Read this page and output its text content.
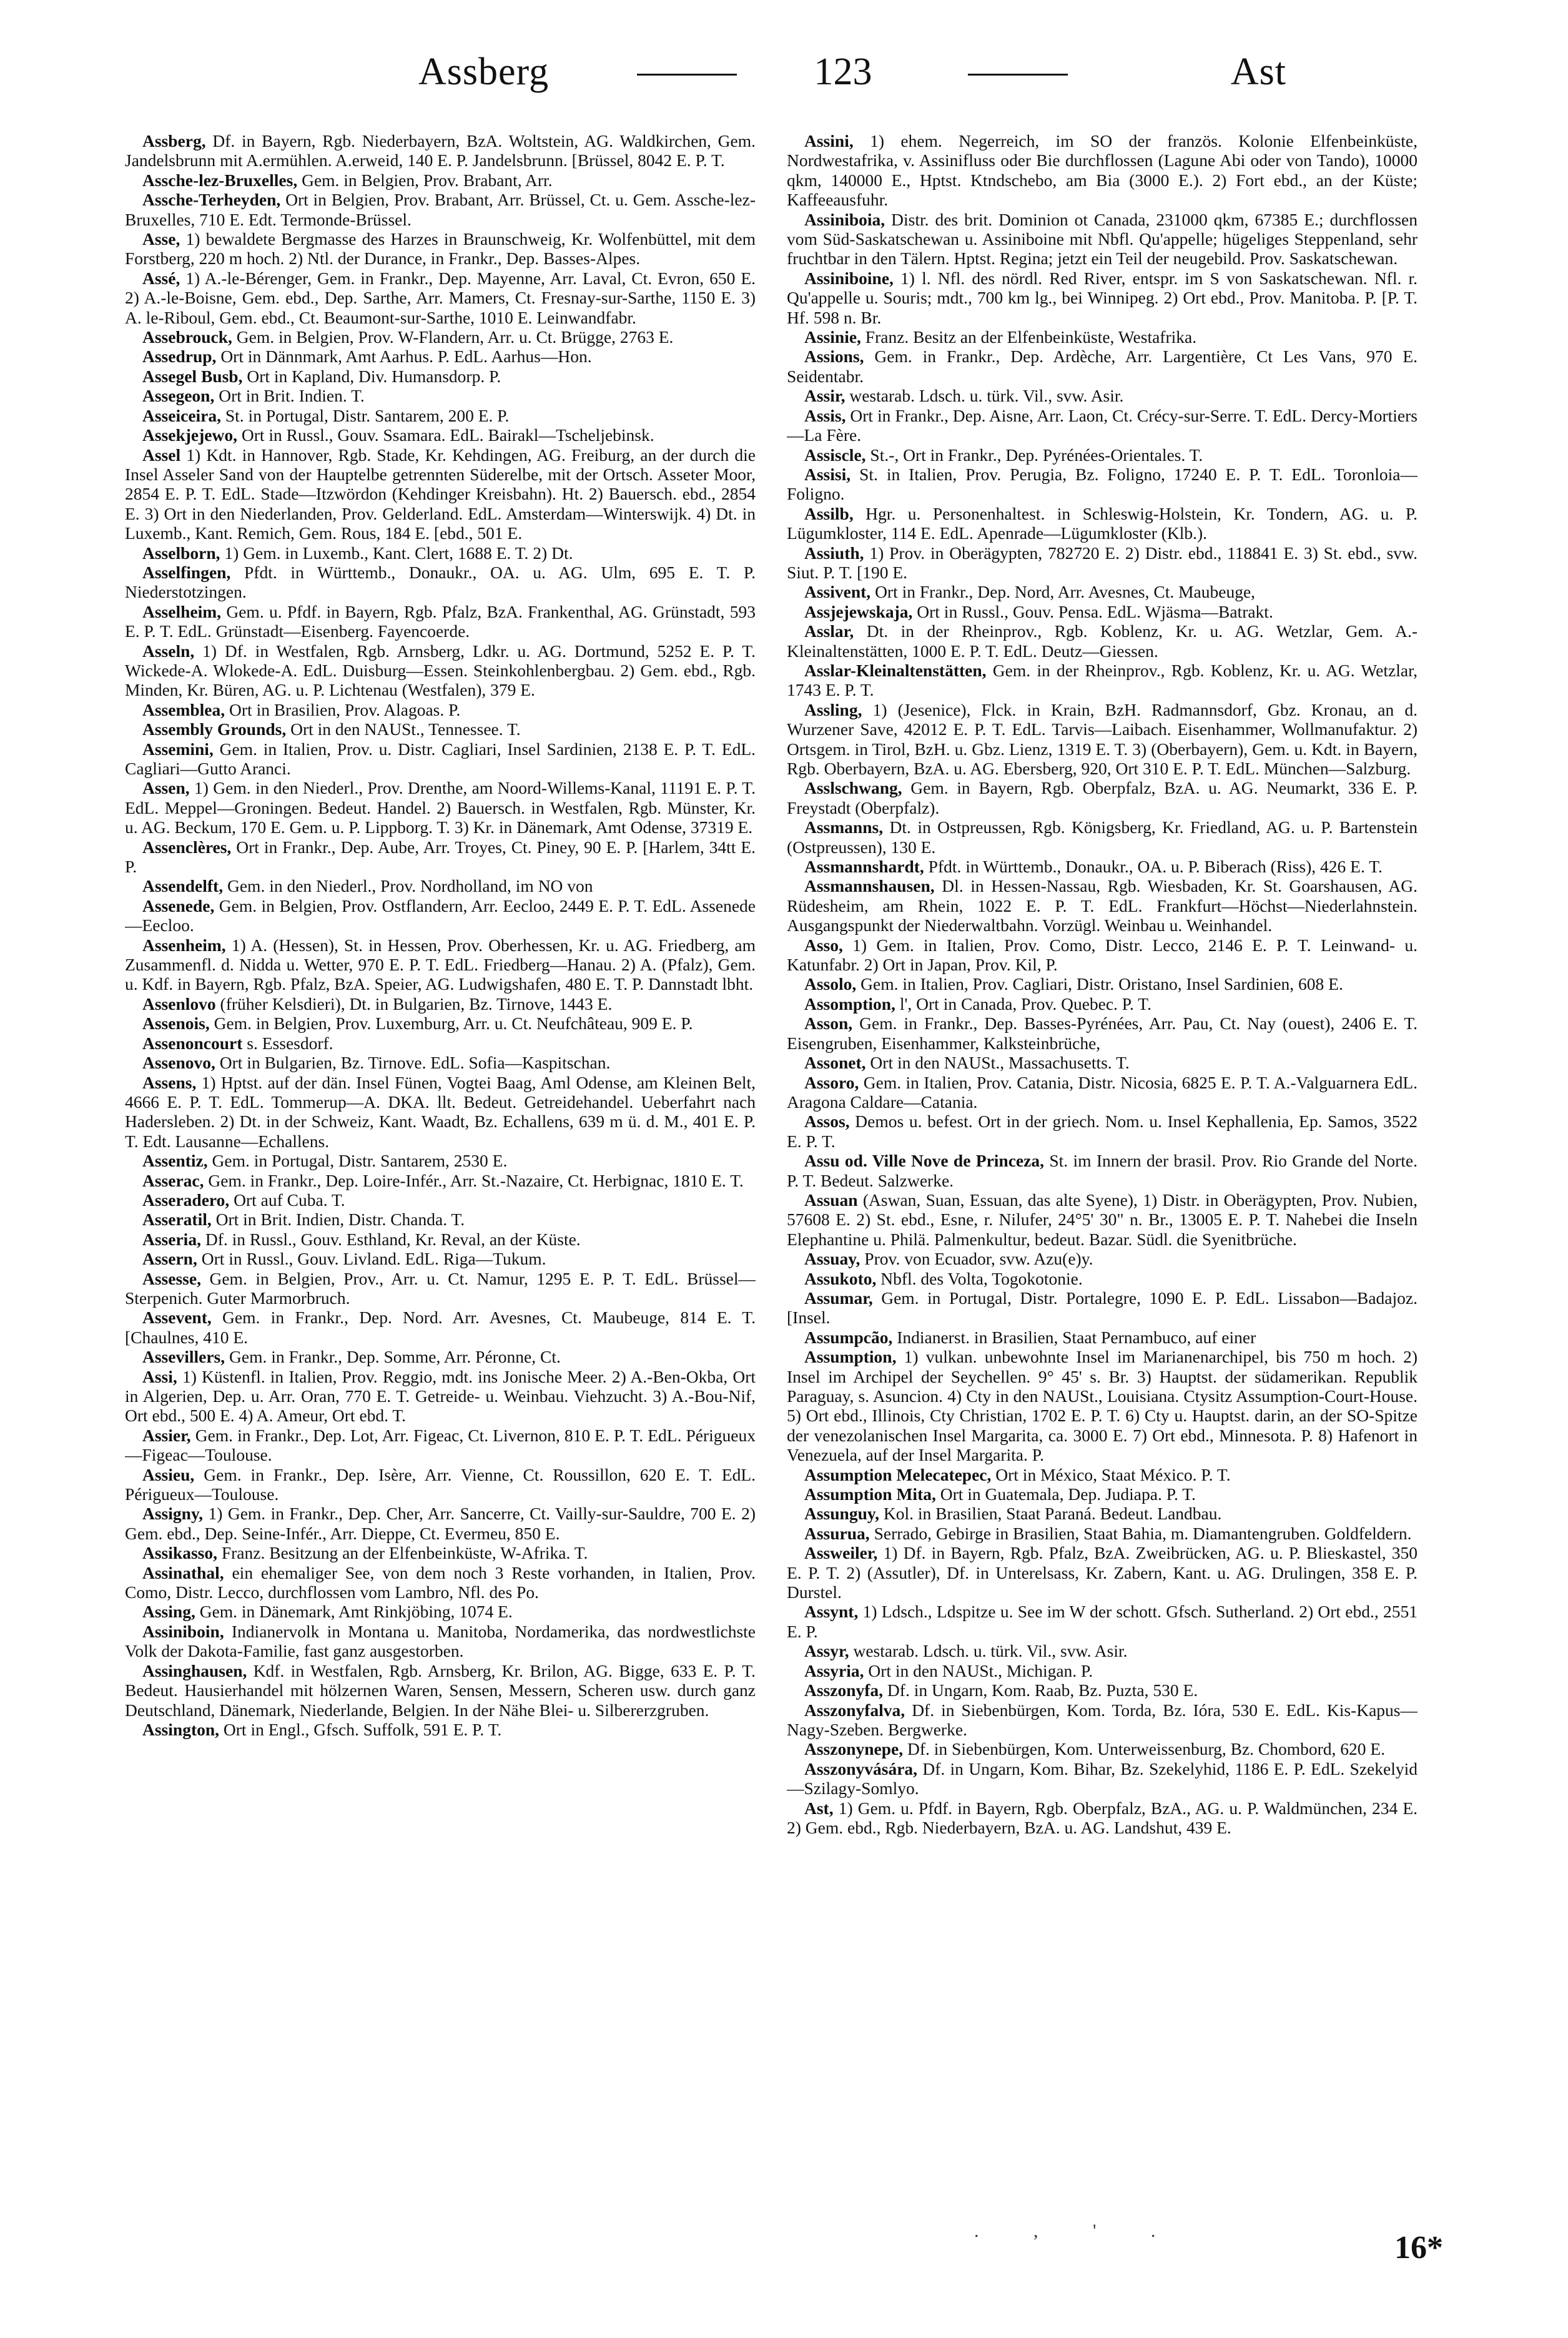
Assberg	123	Ast

Assberg, Df. in Bayern, Rgb. Niederbayern, BzA. Woltstein, AG. Waldkirchen, Gem. Jandelsbrunn mit A.ermühlen. A.erweid, 140 E. P. Jandelsbrunn. [Brüssel, 8042 E. P. T.

Assche-lez-Bruxelles, Gem. in Belgien, Prov. Brabant, Arr.

Assche-Terheyden, Ort in Belgien, Prov. Brabant, Arr. Brüssel, Ct. u. Gem. Assche-lez-Bruxelles, 710 E. Edt. Termonde-Brüssel.

Asse, 1) bewaldete Bergmasse des Harzes in Braunschweig, Kr. Wolfenbüttel, mit dem Forstberg, 220 m hoch. 2) Ntl. der Durance, in Frankr., Dep. Basses-Alpes.

Assé, 1) A.-le-Bérenger, Gem. in Frankr., Dep. Mayenne, Arr. Laval, Ct. Evron, 650 E. 2) A.-le-Boisne, Gem. ebd., Dep. Sarthe, Arr. Mamers, Ct. Fresnay-sur-Sarthe, 1150 E. 3) A. le-Riboul, Gem. ebd., Ct. Beaumont-sur-Sarthe, 1010 E. Leinwandfabr.

Assebrouck, Gem. in Belgien, Prov. W-Flandern, Arr. u. Ct. Brügge, 2763 E.

Assedrup, Ort in Dännmark, Amt Aarhus. P. EdL. Aarhus—Hon.

Assegel Busb, Ort in Kapland, Div. Humansdorp. P.

Assegeon, Ort in Brit. Indien. T.

Asseiceira, St. in Portugal, Distr. Santarem, 200 E. P.

Assekjejewo, Ort in Russl., Gouv. Ssamara. EdL. Bairakl—Tscheljebinsk.

Assel 1) Kdt. in Hannover, Rgb. Stade, Kr. Kehdingen, AG. Freiburg, an der durch die Insel Asseler Sand von der Hauptelbe getrennten Süderelbe, mit der Ortsch. Asseter Moor, 2854 E. P. T. EdL. Stade—Itzwördon (Kehdinger Kreisbahn). Ht. 2) Bauersch. ebd., 2854 E. 3) Ort in den Niederlanden, Prov. Gelderland. EdL. Amsterdam—Winterswijk. 4) Dt. in Luxemb., Kant. Remich, Gem. Rous, 184 E. [ebd., 501 E.

Asselborn, 1) Gem. in Luxemb., Kant. Clert, 1688 E. T. 2) Dt.

Asselfingen, Pfdt. in Württemb., Donaukr., OA. u. AG. Ulm, 695 E. T. P. Niederstotzingen.

Asselheim, Gem. u. Pfdf. in Bayern, Rgb. Pfalz, BzA. Frankenthal, AG. Grünstadt, 593 E. P. T. EdL. Grünstadt—Eisenberg. Fayencoerde.

Asseln, 1) Df. in Westfalen, Rgb. Arnsberg, Ldkr. u. AG. Dortmund, 5252 E. P. T. Wickede-A. Wlokede-A. EdL. Duisburg—Essen. Steinkohlenbergbau. 2) Gem. ebd., Rgb. Minden, Kr. Büren, AG. u. P. Lichtenau (Westfalen), 379 E.

Assembleа, Ort in Brasilien, Prov. Alagoas. P.

Assembly Grounds, Ort in den NAUSt., Tennessee. T.

Assemini, Gem. in Italien, Prov. u. Distr. Cagliari, Insel Sardinien, 2138 E. P. T. EdL. Cagliari—Gutto Aranci.

Assen, 1) Gem. in den Niederl., Prov. Drenthe, am Noord-Willems-Kanal, 11191 E. P. T. EdL. Meppel—Groningen. Bedeut. Handel. 2) Bauersch. in Westfalen, Rgb. Münster, Kr. u. AG. Beckum, 170 E. Gem. u. P. Lippborg. T. 3) Kr. in Dänemark, Amt Odense, 37319 E.

Assenclères, Ort in Frankr., Dep. Aube, Arr. Troyes, Ct. Piney, 90 E. P. [Harlem, 34tt E. P.

Assendelft, Gem. in den Niederl., Prov. Nordholland, im NO von

Assenede, Gem. in Belgien, Prov. Ostflandern, Arr. Eecloo, 2449 E. P. T. EdL. Assenede—Eecloo.

Assenheim, 1) A. (Hessen), St. in Hessen, Prov. Oberhessen, Kr. u. AG. Friedberg, am Zusammenfl. d. Nidda u. Wetter, 970 E. P. T. EdL. Friedberg—Hanau. 2) A. (Pfalz), Gem. u. Kdf. in Bayern, Rgb. Pfalz, BzA. Speier, AG. Ludwigshafen, 480 E. T. P. Dannstadt lbht.

Assenlovo (früher Kelsdieri), Dt. in Bulgarien, Bz. Tirnove, 1443 E.

Assenois, Gem. in Belgien, Prov. Luxemburg, Arr. u. Ct. Neufchâteau, 909 E. P.

Assenoncourt s. Essesdorf.

Assenovo, Ort in Bulgarien, Bz. Tirnove. EdL. Sofia—Kaspitschan.

Assens, 1) Hptst. auf der dän. Insel Fünen, Vogtei Baag, Aml Odense, am Kleinen Belt, 4666 E. P. T. EdL. Tommerup—A. DKA. llt. Bedeut. Getreidehandel. Ueberfahrt nach Hadersleben. 2) Dt. in der Schweiz, Kant. Waadt, Bz. Echallens, 639 m ü. d. M., 401 E. P. T. Edt. Lausanne—Echallens.

Assentiz, Gem. in Portugal, Distr. Santarem, 2530 E.

Asserac, Gem. in Frankr., Dep. Loire-Infér., Arr. St.-Nazaire, Ct. Herbignac, 1810 E. T.

Asseradero, Ort auf Cuba. T.

Asseratil, Ort in Brit. Indien, Distr. Chanda. T.

Asseria, Df. in Russl., Gouv. Esthland, Kr. Reval, an der Küste.

Assern, Ort in Russl., Gouv. Livland. EdL. Riga—Tukum.

Assesse, Gem. in Belgien, Prov., Arr. u. Ct. Namur, 1295 E. P. T. EdL. Brüssel—Sterpenich. Guter Marmorbruch.

Assevent, Gem. in Frankr., Dep. Nord. Arr. Avesnes, Ct. Maubeuge, 814 E. T. [Chaulnes, 410 E.

Assevillers, Gem. in Frankr., Dep. Somme, Arr. Péronne, Ct.

Assi, 1) Küstenfl. in Italien, Prov. Reggio, mdt. ins Jonische Meer. 2) A.-Ben-Okba, Ort in Algerien, Dep. u. Arr. Oran, 770 E. T. Getreide- u. Weinbau. Viehzucht. 3) A.-Bou-Nif, Ort ebd., 500 E. 4) A. Ameur, Ort ebd. T.

Assier, Gem. in Frankr., Dep. Lot, Arr. Figeac, Ct. Livernon, 810 E. P. T. EdL. Périgueux—Figeac—Toulouse.

Assieu, Gem. in Frankr., Dep. Isère, Arr. Vienne, Ct. Roussillon, 620 E. T. EdL. Périgueux—Toulouse.

Assigny, 1) Gem. in Frankr., Dep. Cher, Arr. Sancerre, Ct. Vailly-sur-Sauldre, 700 E. 2) Gem. ebd., Dep. Seine-Infér., Arr. Dieppe, Ct. Evermeu, 850 E.

Assikasso, Franz. Besitzung an der Elfenbeinküste, W-Afrika. T.

Assinathal, ein ehemaliger See, von dem noch 3 Reste vorhanden, in Italien, Prov. Como, Distr. Lecco, durchflossen vom Lambro, Nfl. des Po.

Assing, Gem. in Dänemark, Amt Rinkjöbing, 1074 E.

Assiniboin, Indianervolk in Montana u. Manitoba, Nordamerika, das nordwestlichste Volk der Dakota-Familie, fast ganz ausgestorben.

Assinghausen, Kdf. in Westfalen, Rgb. Arnsberg, Kr. Brilon, AG. Bigge, 633 E. P. T. Bedeut. Hausierhandel mit hölzernen Waren, Sensen, Messern, Scheren usw. durch ganz Deutschland, Dänemark, Niederlande, Belgien. In der Nähe Blei- u. Silbererzgruben.

Assington, Ort in Engl., Gfsch. Suffolk, 591 E. P. T.

Assini, 1) ehem. Negerreich, im SO der französ. Kolonie Elfenbeinküste, Nordwestafrika, v. Assinifluss oder Bie durchflossen (Lagune Abi oder von Tando), 10000 qkm, 140000 E., Hptst. Ktndschebo, am Bia (3000 E.). 2) Fort ebd., an der Küste; Kaffeeausfuhr.

Assiniboia, Distr. des brit. Dominion ot Canada, 231000 qkm, 67385 E.; durchflossen vom Süd-Saskatschewan u. Assiniboine mit Nbfl. Qu'appelle; hügeliges Steppenland, sehr fruchtbar in den Tälern. Hptst. Regina; jetzt ein Teil der neugebild. Prov. Saskatschewan.

Assiniboine, 1) l. Nfl. des nördl. Red River, entspr. im S von Saskatschewan. Nfl. r. Qu'appelle u. Souris; mdt., 700 km lg., bei Winnipeg. 2) Ort ebd., Prov. Manitoba. P. [P. T. Hf. 598 n. Br.

Assinie, Franz. Besitz an der Elfenbeinküste, Westafrika.

Assions, Gem. in Frankr., Dep. Ardèche, Arr. Largentière, Ct Les Vans, 970 E. Seidentabr.

Assir, westarab. Ldsch. u. türk. Vil., svw. Asir.

Assis, Ort in Frankr., Dep. Aisne, Arr. Laon, Ct. Crécy-sur-Serre. T. EdL. Dercy-Mortiers—La Fère.

Assiscle, St.-, Ort in Frankr., Dep. Pyrénées-Orientales. T.

Assisi, St. in Italien, Prov. Perugia, Bz. Foligno, 17240 E. P. T. EdL. Toronloia—Foligno.

Assilb, Hgr. u. Personenhaltest. in Schleswig-Holstein, Kr. Tondern, AG. u. P. Lügumkloster, 114 E. EdL. Apenrade—Lügumkloster (Klb.).

Assiuth, 1) Prov. in Oberägypten, 782720 E. 2) Distr. ebd., 118841 E. 3) St. ebd., svw. Siut. P. T. [190 E.

Assivent, Ort in Frankr., Dep. Nord, Arr. Avesnes, Ct. Maubeuge,

Assjejewskaja, Ort in Russl., Gouv. Pensa. EdL. Wjäsma—Batrakt.

Asslar, Dt. in der Rheinprov., Rgb. Koblenz, Kr. u. AG. Wetzlar, Gem. A.-Kleinaltenstätten, 1000 E. P. T. EdL. Deutz—Giessen.

Asslar-Kleinaltenstätten, Gem. in der Rheinprov., Rgb. Koblenz, Kr. u. AG. Wetzlar, 1743 E. P. T.

Assling, 1) (Jesenice), Flck. in Krain, BzH. Radmannsdorf, Gbz. Kronau, an d. Wurzener Save, 42012 E. P. T. EdL. Tarvis—Laibach. Eisenhammer, Wollmanufaktur. 2) Ortsgem. in Tirol, BzH. u. Gbz. Lienz, 1319 E. T. 3) (Oberbayern), Gem. u. Kdt. in Bayern, Rgb. Oberbayern, BzA. u. AG. Ebersberg, 920, Ort 310 E. P. T. EdL. München—Salzburg.

Asslschwang, Gem. in Bayern, Rgb. Oberpfalz, BzA. u. AG. Neumarkt, 336 E. P. Freystadt (Oberpfalz).

Assmanns, Dt. in Ostpreussen, Rgb. Königsberg, Kr. Friedland, AG. u. P. Bartenstein (Ostpreussen), 130 E.

Assmannshardt, Pfdt. in Württemb., Donaukr., OA. u. P. Biberach (Riss), 426 E. T.

Assmannshausen, Dl. in Hessen-Nassau, Rgb. Wiesbaden, Kr. St. Goarshausen, AG. Rüdesheim, am Rhein, 1022 E. P. T. EdL. Frankfurt—Höchst—Niederlahnstein. Ausgangspunkt der Niederwaltbahn. Vorzügl. Weinbau u. Weinhandel.

Asso, 1) Gem. in Italien, Prov. Como, Distr. Lecco, 2146 E. P. T. Leinwand- u. Katunfabr. 2) Ort in Japan, Prov. Kil, P.

Assolo, Gem. in Italien, Prov. Cagliari, Distr. Oristano, Insel Sardinien, 608 E.

Assomption, l', Ort in Canada, Prov. Quebec. P. T.

Asson, Gem. in Frankr., Dep. Basses-Pyrénées, Arr. Pau, Ct. Nay (ouest), 2406 E. T. Eisengruben, Eisenhammer, Kalksteinbrüche,

Assonet, Ort in den NAUSt., Massachusetts. T.

Assoro, Gem. in Italien, Prov. Catania, Distr. Nicosia, 6825 E. P. T. A.-Valguarnera EdL. Aragona Caldare—Catania.

Assos, Demos u. befest. Ort in der griech. Nom. u. Insel Kephallenia, Ep. Samos, 3522 E. P. T.

Assu od. Ville Nove de Princeza, St. im Innern der brasil. Prov. Rio Grande del Norte. P. T. Bedeut. Salzwerke.

Assuan (Aswan, Suan, Essuan, das alte Syene), 1) Distr. in Oberägypten, Prov. Nubien, 57608 E. 2) St. ebd., Esne, r. Nilufer, 24°5' 30" n. Br., 13005 E. P. T. Nahebei die Inseln Elephantine u. Philä. Palmenkultur, bedeut. Bazar. Südl. die Syenitbrüche.

Assuay, Prov. von Ecuador, svw. Azu(e)y.

Assukoto, Nbfl. des Volta, Togokotonie.

Assumar, Gem. in Portugal, Distr. Portalegre, 1090 E. P. EdL. Lissabon—Badajoz. [Insel.

Assumpcão, Indianerst. in Brasilien, Staat Pernambuco, auf einer

Assumption, 1) vulkan. unbewohnte Insel im Marianenarchipel, bis 750 m hoch. 2) Insel im Archipel der Seychellen. 9° 45' s. Br. 3) Hauptst. der südamerikan. Republik Paraguay, s. Asuncion. 4) Cty in den NAUSt., Louisiana. Ctysitz Assumption-Court-House. 5) Ort ebd., Illinois, Cty Christian, 1702 E. P. T. 6) Cty u. Hauptst. darin, an der SO-Spitze der venezolanischen Insel Margarita, ca. 3000 E. 7) Ort ebd., Minnesota. P. 8) Hafenort in Venezuela, auf der Insel Margarita. P.

Assumption Melecatepec, Ort in México, Staat México. P. T.

Assumption Mita, Ort in Guatemala, Dep. Judiapa. P. T.

Assunguy, Kol. in Brasilien, Staat Paraná. Bedeut. Landbau.

Assurua, Serrado, Gebirge in Brasilien, Staat Bahia, m. Diamantengruben. Goldfeldern.

Assweiler, 1) Df. in Bayern, Rgb. Pfalz, BzA. Zweibrücken, AG. u. P. Blieskastel, 350 E. P. T. 2) (Assutler), Df. in Unterelsass, Kr. Zabern, Kant. u. AG. Drulingen, 358 E. P. Durstel.

Assynt, 1) Ldsch., Ldspitze u. See im W der schott. Gfsch. Sutherland. 2) Ort ebd., 2551 E. P.

Assyr, westarab. Ldsch. u. türk. Vil., svw. Asir.

Assyria, Ort in den NAUSt., Michigan. P.

Asszonyfa, Df. in Ungarn, Kom. Raab, Bz. Puzta, 530 E.

Asszonyfalva, Df. in Siebenbürgen, Kom. Torda, Bz. Ióra, 530 E. EdL. Kis-Kapus—Nagy-Szeben. Bergwerke.

Asszonynepe, Df. in Siebenbürgen, Kom. Unterweissenburg, Bz. Chombord, 620 E.

Asszonyvására, Df. in Ungarn, Kom. Bihar, Bz. Szekelyhid, 1186 E. P. EdL. Szekelyid—Szilagy-Somlyo.

Ast, 1) Gem. u. Pfdf. in Bayern, Rgb. Oberpfalz, BzA., AG. u. P. Waldmünchen, 234 E. 2) Gem. ebd., Rgb. Niederbayern, BzA. u. AG. Landshut, 439 E.

. , ' .	16*
